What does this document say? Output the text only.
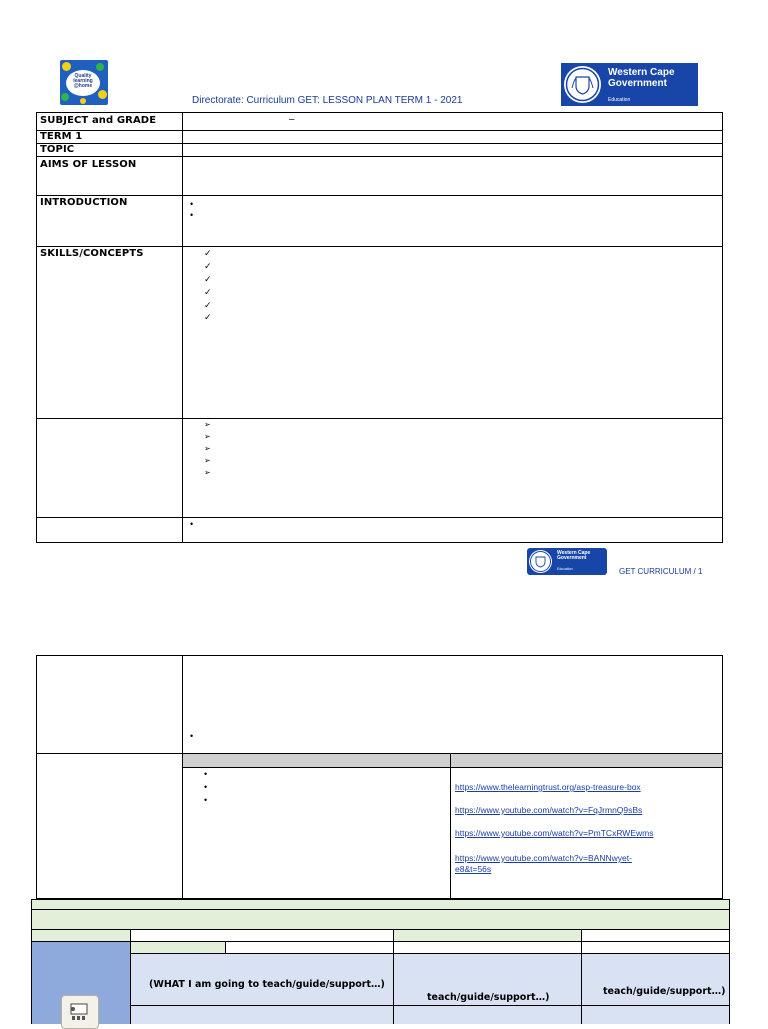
Quality learning @home
Directorate: Curriculum GET: LESSON PLAN TERM 1 - 2021
Western Cape
Government
Education
SUBJECT and GRADE	–
TERM 1
TOPIC
AIMS OF LESSON
INTRODUCTION
SKILLS/CONCEPTS
•
•
✓
✓
✓
✓
✓
✓
➢
➢
➢
➢
➢
•
Western Cape
Government
Education	GET CURRICULUM / 1
•
•
•
•
https://www.thelearningtrust.org/asp-treasure-box
https://www.youtube.com/watch?v=FqJrmnQ9sBs
https://www.youtube.com/watch?v=PmTCxRWEwms
https://www.youtube.com/watch?v=BANNwyet-
e8&t=56s
(WHAT I am going to teach/guide/support…)
teach/guide/support…)
teach/guide/support…)
